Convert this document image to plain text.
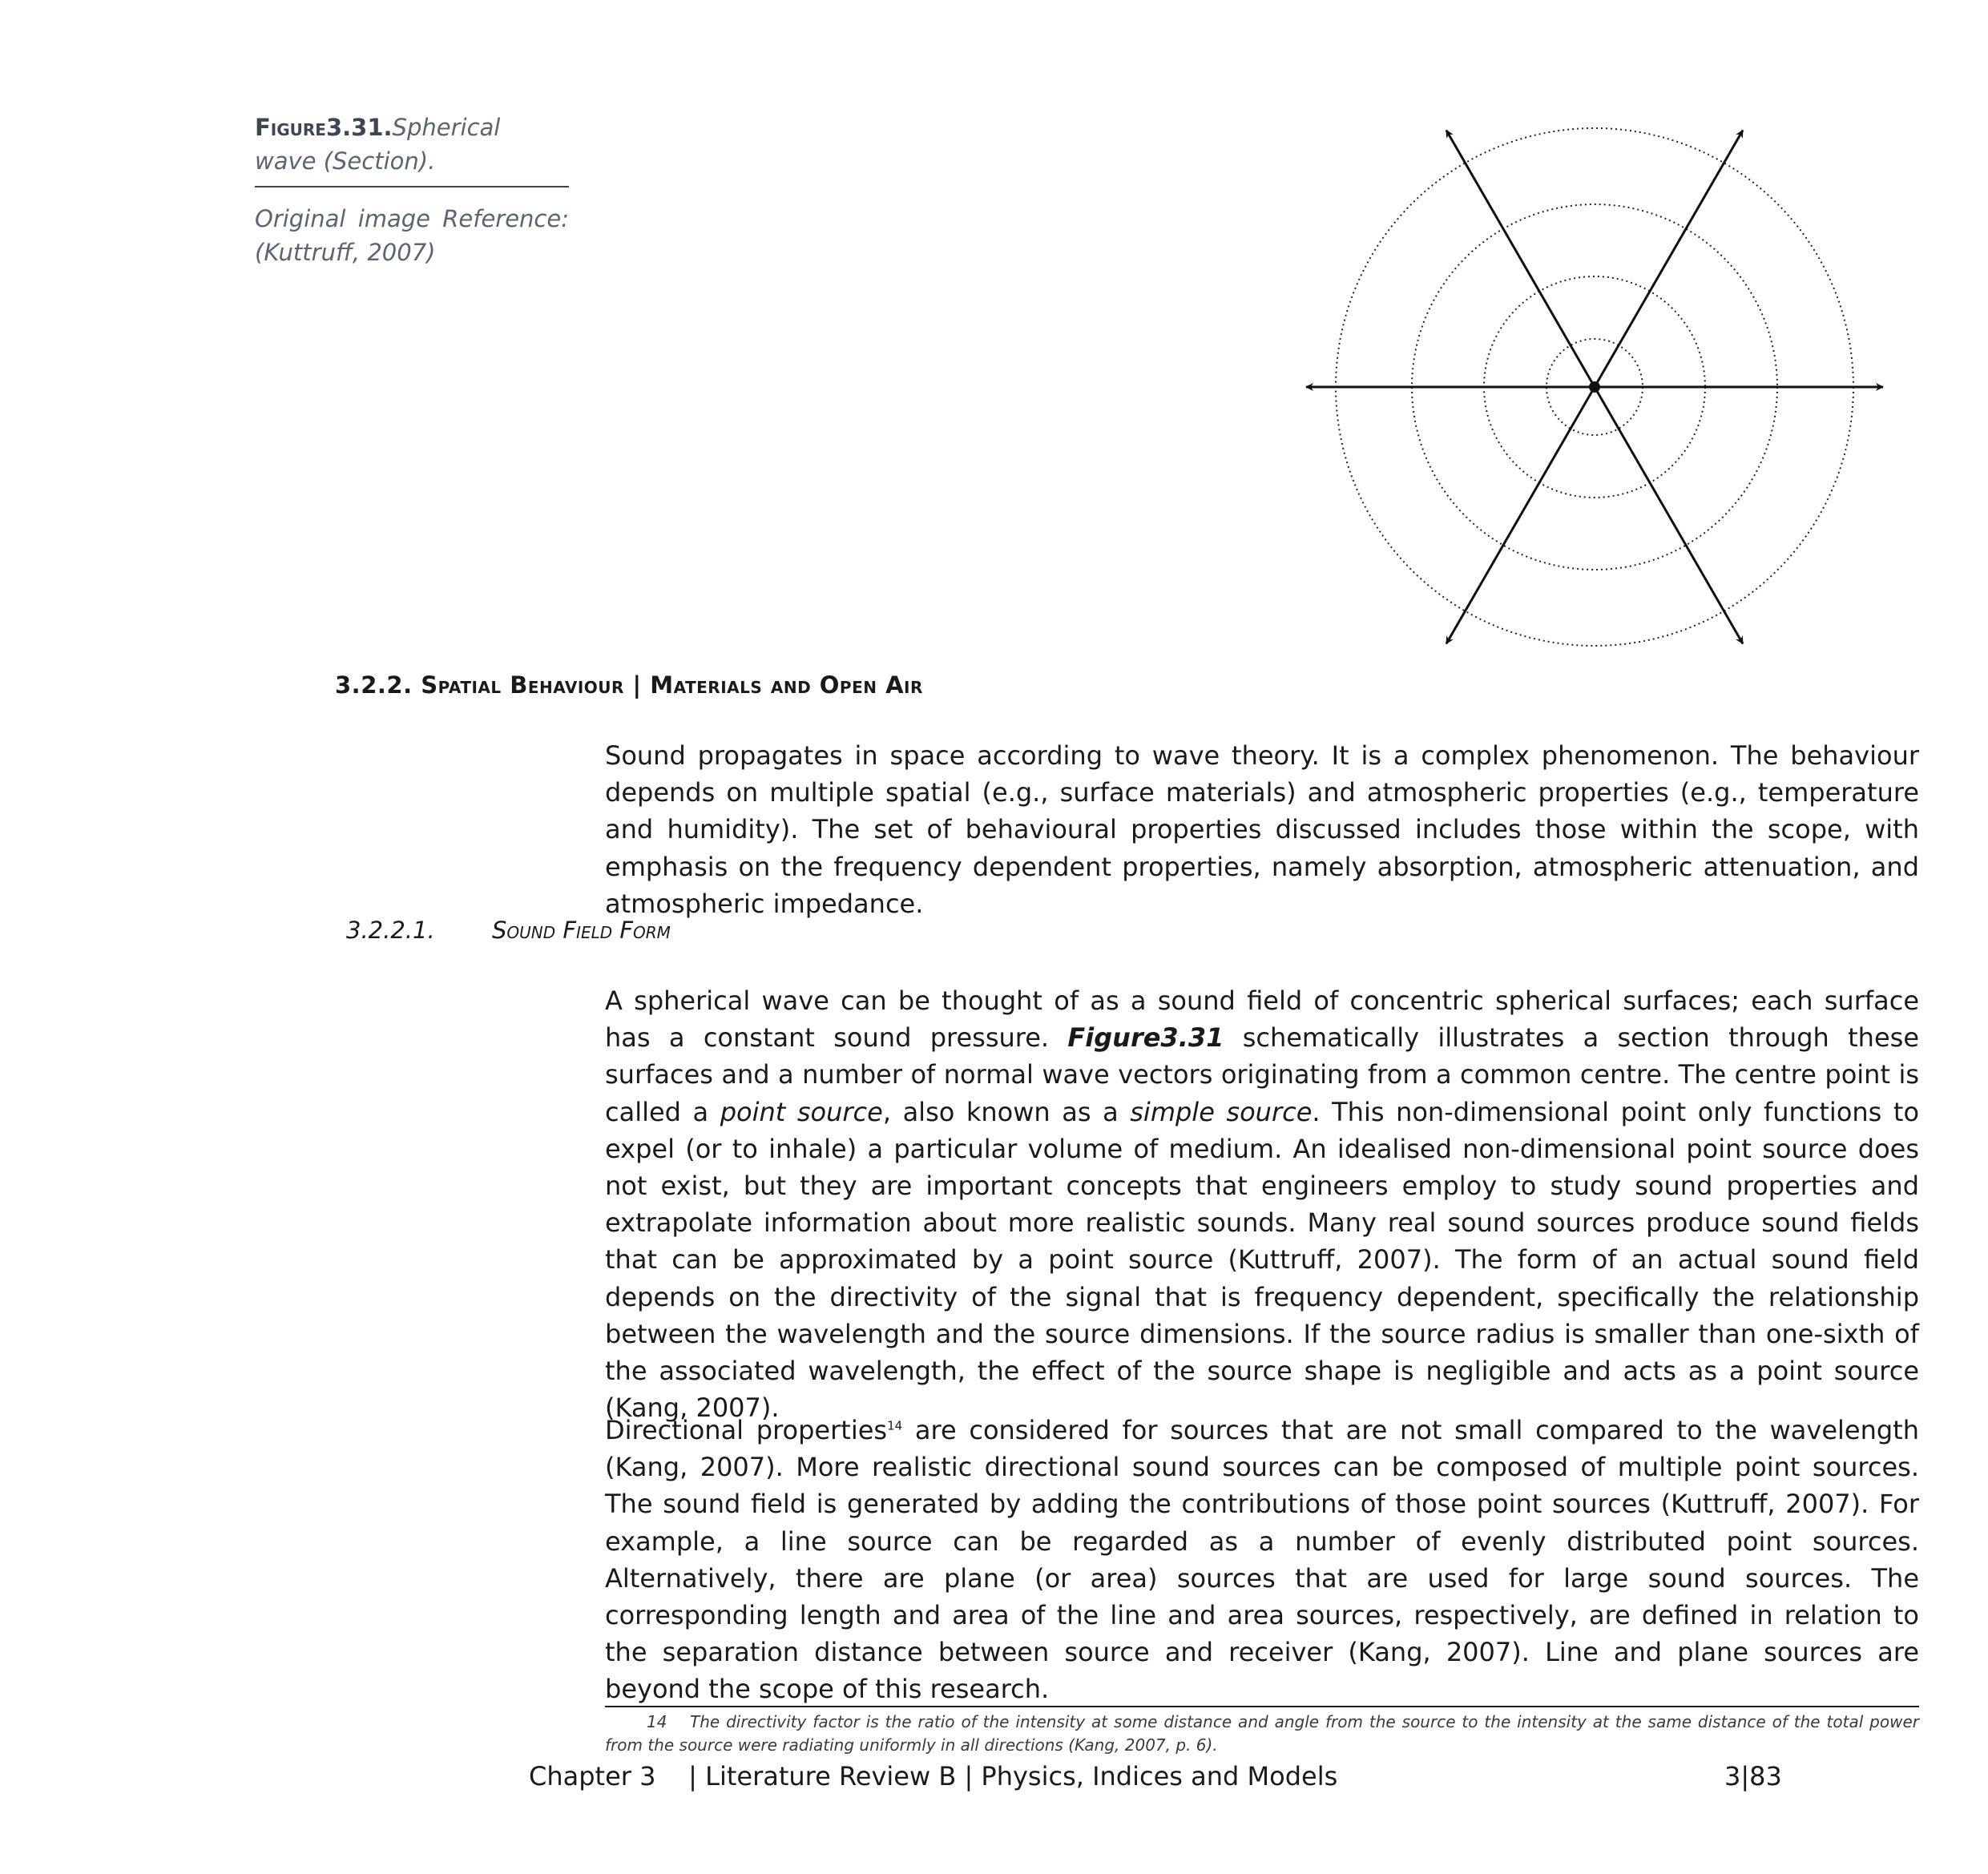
Figure3.31.Spherical wave (Section).
Original image Reference:
(Kuttruff, 2007)
3.2.2. Spatial Behaviour | Materials and Open Air
Sound propagates in space according to wave theory. It is a complex phenomenon. The behaviour depends on multiple spatial (e.g., surface materials) and atmospheric properties (e.g., temperature and humidity). The set of behavioural properties discussed includes those within the scope, with emphasis on the frequency dependent properties, namely absorption, atmospheric attenuation, and atmospheric impedance.
3.2.2.1. Sound Field Form
A spherical wave can be thought of as a sound field of concentric spherical surfaces; each surface has a constant sound pressure. Figure3.31 schematically illustrates a section through these surfaces and a number of normal wave vectors originating from a common centre. The centre point is called a point source, also known as a simple source. This non-dimensional point only functions to expel (or to inhale) a particular volume of medium. An idealised non-dimensional point source does not exist, but they are important concepts that engineers employ to study sound properties and extrapolate information about more realistic sounds. Many real sound sources produce sound fields that can be approximated by a point source (Kuttruff, 2007). The form of an actual sound field depends on the directivity of the signal that is frequency dependent, specifically the relationship between the wavelength and the source dimensions. If the source radius is smaller than one-sixth of the associated wavelength, the effect of the source shape is negligible and acts as a point source (Kang, 2007).
Directional properties$^{14}$ are considered for sources that are not small compared to the wavelength (Kang, 2007). More realistic directional sound sources can be composed of multiple point sources. The sound field is generated by adding the contributions of those point sources (Kuttruff, 2007). For example, a line source can be regarded as a number of evenly distributed point sources. Alternatively, there are plane (or area) sources that are used for large sound sources. The corresponding length and area of the line and area sources, respectively, are defined in relation to the separation distance between source and receiver (Kang, 2007). Line and plane sources are beyond the scope of this research.
14 The directivity factor is the ratio of the intensity at some distance and angle from the source to the intensity at the same distance of the total power from the source were radiating uniformly in all directions (Kang, 2007, p. 6).
Chapter 3    | Literature Review B | Physics, Indices and Models	3|83
